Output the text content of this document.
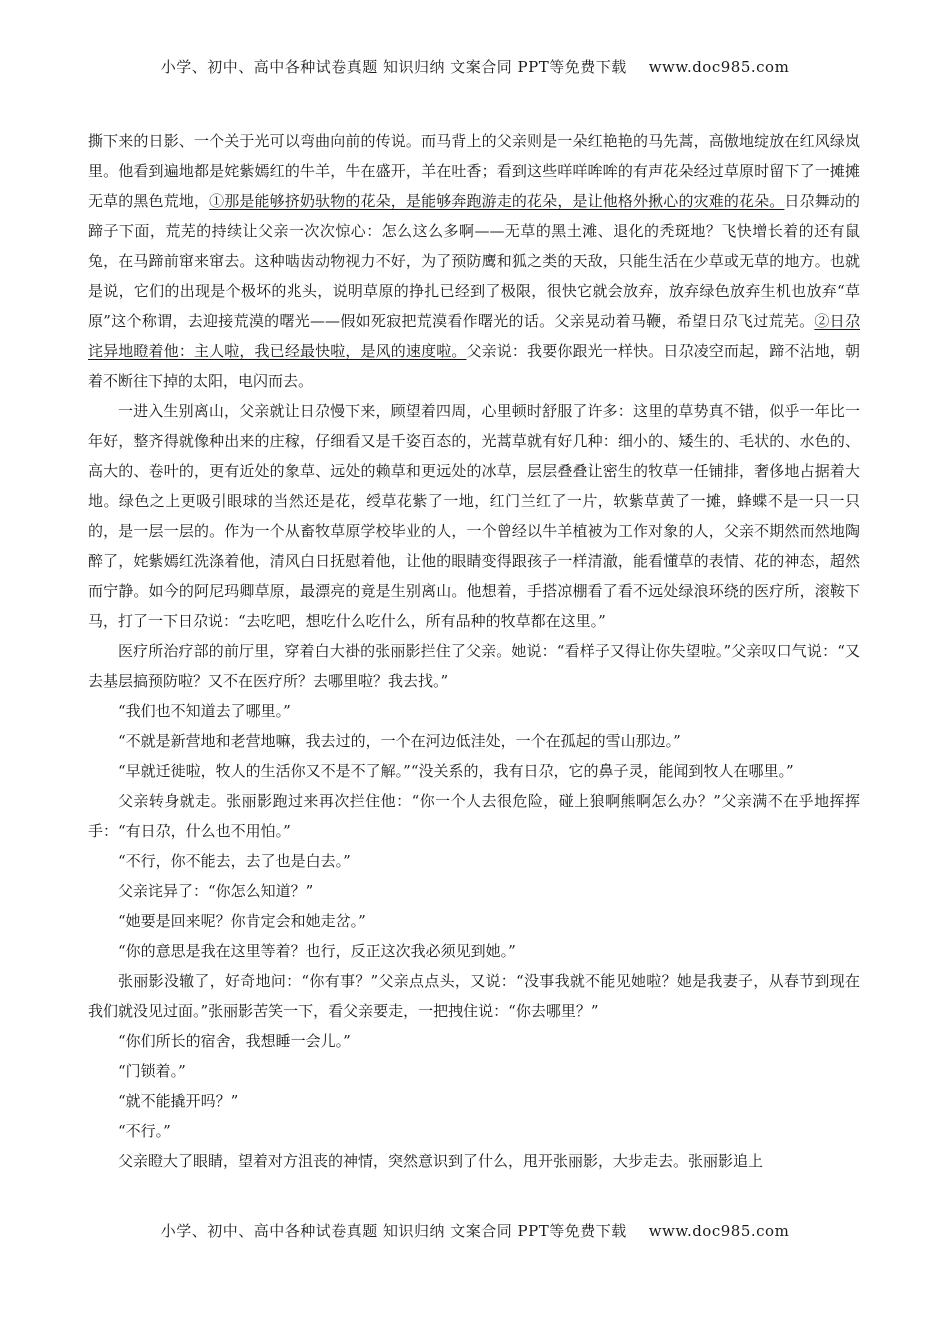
小学、初中、高中各种试卷真题 知识归纳 文案合同 PPT等免费下载 www.doc985.com

撕下来的日影、一个关于光可以弯曲向前的传说。而马背上的父亲则是一朵红艳艳的马先蒿，高傲地绽放在红风绿岚里。他看到遍地都是姹紫嫣红的牛羊，牛在盛开，羊在吐香；看到这些咩咩哞哞的有声花朵经过草原时留下了一摊摊无草的黑色荒地，①那是能够挤奶驮物的花朵，是能够奔跑游走的花朵，是让他格外揪心的灾难的花朵。日尕舞动的蹄子下面，荒芜的持续让父亲一次次惊心：怎么这么多啊——无草的黑土滩、退化的秃斑地？飞快增长着的还有鼠兔，在马蹄前窜来窜去。这种啮齿动物视力不好，为了预防鹰和狐之类的天敌，只能生活在少草或无草的地方。也就是说，它们的出现是个极坏的兆头，说明草原的挣扎已经到了极限，很快它就会放弃，放弃绿色放弃生机也放弃“草原”这个称谓，去迎接荒漠的曙光——假如死寂把荒漠看作曙光的话。父亲晃动着马鞭，希望日尕飞过荒芜。②日尕诧异地瞪着他：主人啦，我已经最快啦，是风的速度啦。父亲说：我要你跟光一样快。日尕凌空而起，蹄不沾地，朝着不断往下掉的太阳，电闪而去。

一进入生别离山，父亲就让日尕慢下来，顾望着四周，心里顿时舒服了许多：这里的草势真不错，似乎一年比一年好，整齐得就像种出来的庄稼，仔细看又是千姿百态的，光蒿草就有好几种：细小的、矮生的、毛状的、水色的、高大的、卷叶的，更有近处的象草、远处的赖草和更远处的冰草，层层叠叠让密生的牧草一任铺排，奢侈地占据着大地。绿色之上更吸引眼球的当然还是花，绶草花紫了一地，红门兰红了一片，软紫草黄了一摊，蜂蝶不是一只一只的，是一层一层的。作为一个从畜牧草原学校毕业的人，一个曾经以牛羊植被为工作对象的人，父亲不期然而然地陶醉了，姹紫嫣红洗涤着他，清风白日抚慰着他，让他的眼睛变得跟孩子一样清澈，能看懂草的表情、花的神态，超然而宁静。如今的阿尼玛卿草原，最漂亮的竟是生别离山。他想着，手搭凉棚看了看不远处绿浪环绕的医疗所，滚鞍下马，打了一下日尕说：“去吃吧，想吃什么吃什么，所有品种的牧草都在这里。”

医疗所治疗部的前厅里，穿着白大褂的张丽影拦住了父亲。她说：“看样子又得让你失望啦。”父亲叹口气说：“又去基层搞预防啦？又不在医疗所？去哪里啦？我去找。”

“我们也不知道去了哪里。”

“不就是新营地和老营地嘛，我去过的，一个在河边低洼处，一个在孤起的雪山那边。”

“早就迁徙啦，牧人的生活你又不是不了解。”“没关系的，我有日尕，它的鼻子灵，能闻到牧人在哪里。”

父亲转身就走。张丽影跑过来再次拦住他：“你一个人去很危险，碰上狼啊熊啊怎么办？”父亲满不在乎地挥挥手：“有日尕，什么也不用怕。”

“不行，你不能去，去了也是白去。”

父亲诧异了：“你怎么知道？”

“她要是回来呢？你肯定会和她走岔。”

“你的意思是我在这里等着？也行，反正这次我必须见到她。”

张丽影没辙了，好奇地问：“你有事？”父亲点点头，又说：“没事我就不能见她啦？她是我妻子，从春节到现在我们就没见过面。”张丽影苦笑一下，看父亲要走，一把拽住说：“你去哪里？”

“你们所长的宿舍，我想睡一会儿。”

“门锁着。”

“就不能撬开吗？”

“不行。”

父亲瞪大了眼睛，望着对方沮丧的神情，突然意识到了什么，甩开张丽影，大步走去。张丽影追上

小学、初中、高中各种试卷真题 知识归纳 文案合同 PPT等免费下载 www.doc985.com
